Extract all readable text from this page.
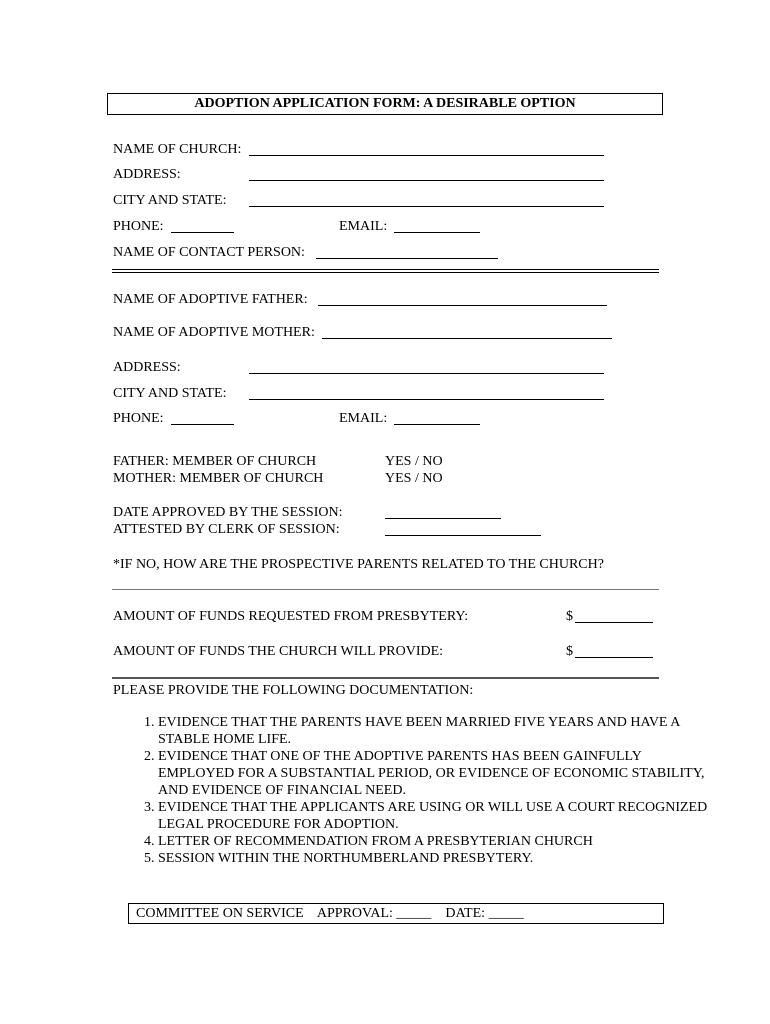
ADOPTION APPLICATION FORM: A DESIRABLE OPTION
NAME OF CHURCH:
ADDRESS:
CITY AND STATE:
PHONE:	EMAIL:
NAME OF CONTACT PERSON:
NAME OF ADOPTIVE FATHER:
NAME OF ADOPTIVE MOTHER:
ADDRESS:
CITY AND STATE:
PHONE:	EMAIL:
FATHER: MEMBER OF CHURCH	YES / NO
MOTHER: MEMBER OF CHURCH	YES / NO
DATE APPROVED BY THE SESSION:
ATTESTED BY CLERK OF SESSION:
*IF NO, HOW ARE THE PROSPECTIVE PARENTS RELATED TO THE CHURCH?
AMOUNT OF FUNDS REQUESTED FROM PRESBYTERY:	$
AMOUNT OF FUNDS THE CHURCH WILL PROVIDE:	$
PLEASE PROVIDE THE FOLLOWING DOCUMENTATION:
1. EVIDENCE THAT THE PARENTS HAVE BEEN MARRIED FIVE YEARS AND HAVE A STABLE HOME LIFE.
2. EVIDENCE THAT ONE OF THE ADOPTIVE PARENTS HAS BEEN GAINFULLY EMPLOYED FOR A SUBSTANTIAL PERIOD, OR EVIDENCE OF ECONOMIC STABILITY, AND EVIDENCE OF FINANCIAL NEED.
3. EVIDENCE THAT THE APPLICANTS ARE USING OR WILL USE A COURT RECOGNIZED LEGAL PROCEDURE FOR ADOPTION.
4. LETTER OF RECOMMENDATION FROM A PRESBYTERIAN CHURCH
5. SESSION WITHIN THE NORTHUMBERLAND PRESBYTERY.
COMMITTEE ON SERVICE APPROVAL: _____ DATE: _____
